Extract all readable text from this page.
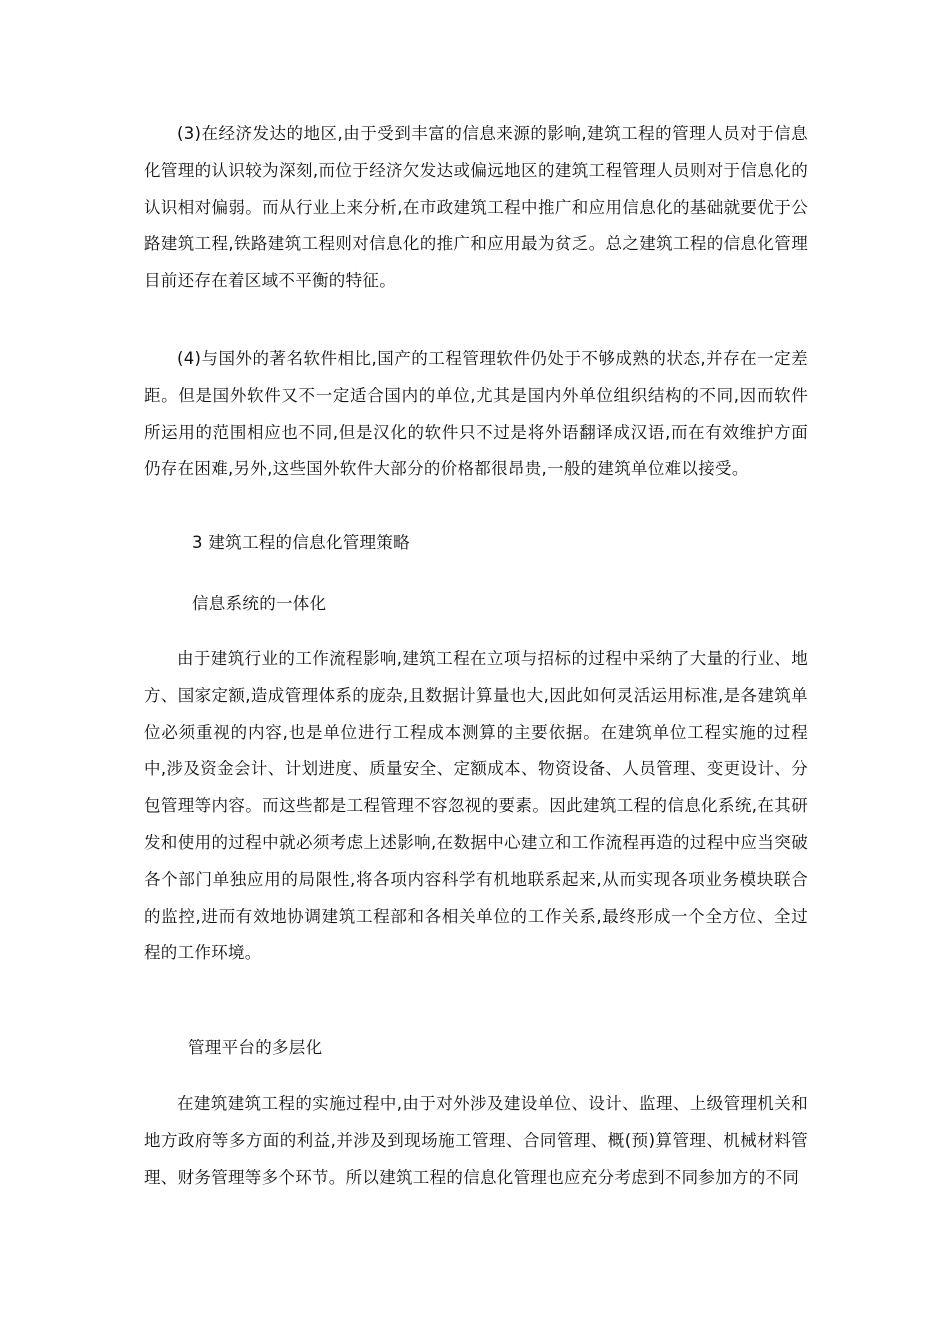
(3)在经济发达的地区,由于受到丰富的信息来源的影响,建筑工程的管理人员对于信息化管理的认识较为深刻,而位于经济欠发达或偏远地区的建筑工程管理人员则对于信息化的认识相对偏弱。而从行业上来分析,在市政建筑工程中推广和应用信息化的基础就要优于公路建筑工程,铁路建筑工程则对信息化的推广和应用最为贫乏。总之建筑工程的信息化管理目前还存在着区域不平衡的特征。

(4)与国外的著名软件相比,国产的工程管理软件仍处于不够成熟的状态,并存在一定差距。但是国外软件又不一定适合国内的单位,尤其是国内外单位组织结构的不同,因而软件所运用的范围相应也不同,但是汉化的软件只不过是将外语翻译成汉语,而在有效维护方面仍存在困难,另外,这些国外软件大部分的价格都很昂贵,一般的建筑单位难以接受。

3 建筑工程的信息化管理策略
信息系统的一体化

由于建筑行业的工作流程影响,建筑工程在立项与招标的过程中采纳了大量的行业、地方、国家定额,造成管理体系的庞杂,且数据计算量也大,因此如何灵活运用标准,是各建筑单位必须重视的内容,也是单位进行工程成本测算的主要依据。在建筑单位工程实施的过程中,涉及资金会计、计划进度、质量安全、定额成本、物资设备、人员管理、变更设计、分包管理等内容。而这些都是工程管理不容忽视的要素。因此建筑工程的信息化系统,在其研发和使用的过程中就必须考虑上述影响,在数据中心建立和工作流程再造的过程中应当突破各个部门单独应用的局限性,将各项内容科学有机地联系起来,从而实现各项业务模块联合的监控,进而有效地协调建筑工程部和各相关单位的工作关系,最终形成一个全方位、全过程的工作环境。

管理平台的多层化

在建筑建筑工程的实施过程中,由于对外涉及建设单位、设计、监理、上级管理机关和地方政府等多方面的利益,并涉及到现场施工管理、合同管理、概(预)算管理、机械材料管理、财务管理等多个环节。所以建筑工程的信息化管理也应充分考虑到不同参加方的不同
